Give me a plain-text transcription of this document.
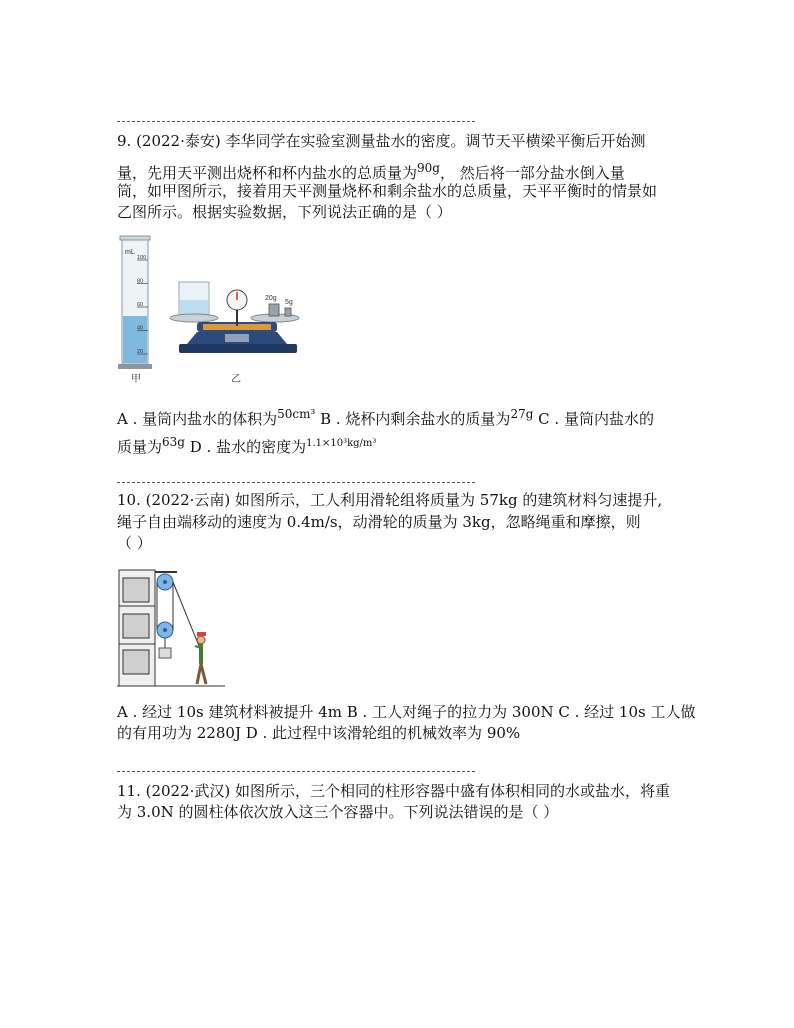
9. (2022·泰安) 李华同学在实验室测量盐水的密度。调节天平横梁平衡后开始测
量，先用天平测出烧杯和杯内盐水的总质量为$^{90g}$， 然后将一部分盐水倒入量
筒，如甲图所示，接着用天平测量烧杯和剩余盐水的总质量，天平平衡时的情景如
乙图所示。根据实验数据，下列说法正确的是（ ）
mL
100
80
60
40
20
20g
5g
甲	乙
A . 量筒内盐水的体积为$^{50cm^3}$ B . 烧杯内剩余盐水的质量为$^{27g}$ C . 量筒内盐水的
质量为$^{63g}$ D . 盐水的密度为$^{1.1\times 10^3kg/m^3}$
10. (2022·云南) 如图所示，工人利用滑轮组将质量为 57kg 的建筑材料匀速提升,
绳子自由端移动的速度为 0.4m/s，动滑轮的质量为 3kg，忽略绳重和摩擦，则
（ ）
A . 经过 10s 建筑材料被提升 4m B . 工人对绳子的拉力为 300N C . 经过 10s 工人做
的有用功为 2280J D . 此过程中该滑轮组的机械效率为 90%
11. (2022·武汉) 如图所示，三个相同的柱形容器中盛有体积相同的水或盐水，将重
为 3.0N 的圆柱体依次放入这三个容器中。下列说法错误的是（ ）
